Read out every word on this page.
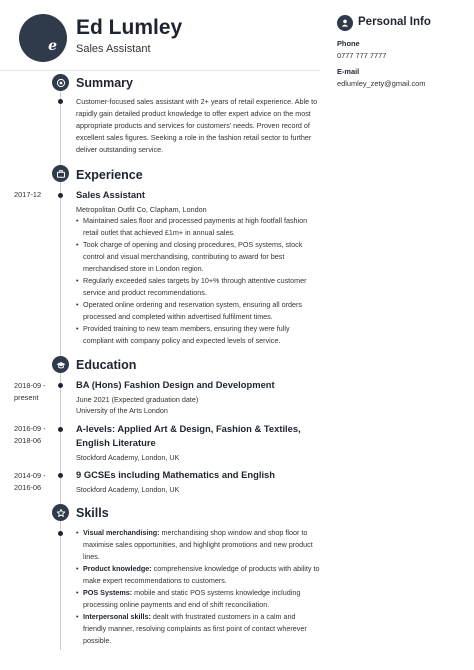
e
Ed Lumley
Sales Assistant
Summary
Customer-focused sales assistant with 2+ years of retail experience. Able to rapidly gain detailed product knowledge to offer expert advice on the most appropriate products and services for customers' needs. Proven record of excellent sales figures. Seeking a role in the fashion retail sector to further deliver outstanding service.
Experience
2017-12	Sales Assistant
Metropolitan Outfit Co, Clapham, London
• Maintained sales floor and processed payments at high footfall fashion retail outlet that achieved £1m+ in annual sales.
• Took charge of opening and closing procedures, POS systems, stock control and visual merchandising, contributing to award for best merchandised store in London region.
• Regularly exceeded sales targets by 10+% through attentive customer service and product recommendations.
• Operated online ordering and reservation system, ensuring all orders processed and completed within advertised fulfilment times.
• Provided training to new team members, ensuring they were fully compliant with company policy and expected levels of service.
Education
2018-09 -
present
BA (Hons) Fashion Design and Development
June 2021 (Expected graduation date)
University of the Arts London
2016-09 -
2018-06
A-levels: Applied Art & Design, Fashion & Textiles, English Literature
Stockford Academy, London, UK
2014-09 -
2016-06
9 GCSEs including Mathematics and English
Stockford Academy, London, UK
Skills
• Visual merchandising: merchandising shop window and shop floor to maximise sales opportunities, and highlight promotions and new product lines.
• Product knowledge: comprehensive knowledge of products with ability to make expert recommendations to customers.
• POS Systems: mobile and static POS systems knowledge including processing online payments and end of shift reconciliation.
• Interpersonal skills: dealt with frustrated customers in a calm and friendly manner, resolving complaints as first point of contact wherever possible.
Personal Info
Phone
0777 777 7777
E-mail
edlumley_zety@gmail.com
